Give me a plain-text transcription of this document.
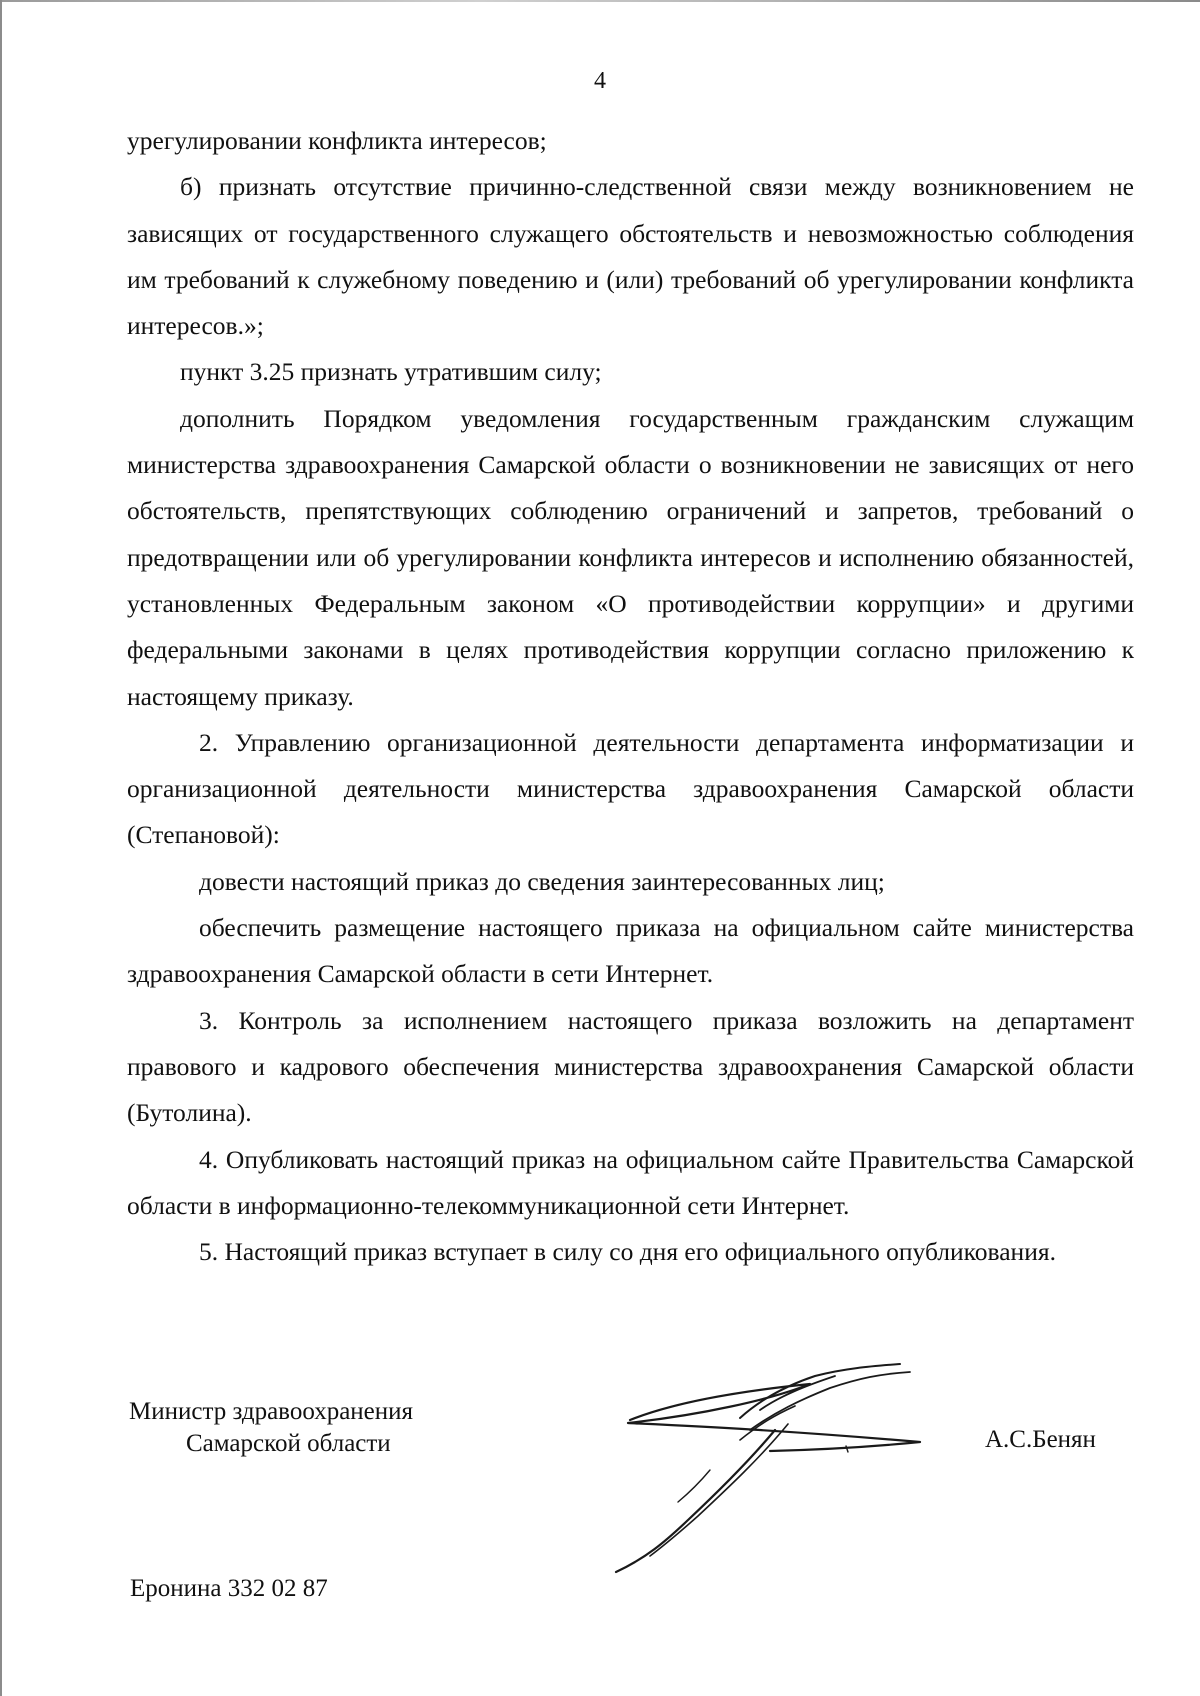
4

урегулировании конфликта интересов;

б) признать отсутствие причинно-следственной связи между возникновением не зависящих от государственного служащего обстоятельств и невозможностью соблюдения им требований к служебному поведению и (или) требований об урегулировании конфликта интересов.»;

пункт 3.25 признать утратившим силу;

дополнить Порядком уведомления государственным гражданским служащим министерства здравоохранения Самарской области о возникновении не зависящих от него обстоятельств, препятствующих соблюдению ограничений и запретов, требований о предотвращении или об урегулировании конфликта интересов и исполнению обязанностей, установленных Федеральным законом «О противодействии коррупции» и другими федеральными законами в целях противодействия коррупции согласно приложению к настоящему приказу.

2. Управлению организационной деятельности департамента информатизации и организационной деятельности министерства здравоохранения Самарской области (Степановой):

довести настоящий приказ до сведения заинтересованных лиц;

обеспечить размещение настоящего приказа на официальном сайте министерства здравоохранения Самарской области в сети Интернет.

3. Контроль за исполнением настоящего приказа возложить на департамент правового и кадрового обеспечения министерства здравоохранения Самарской области (Бутолина).

4. Опубликовать настоящий приказ на официальном сайте Правительства Самарской области в информационно-телекоммуникационной сети Интернет.

5. Настоящий приказ вступает в силу со дня его официального опубликования.

Министр здравоохранения
Самарской области	А.С.Бенян
Еронина 332 02 87
